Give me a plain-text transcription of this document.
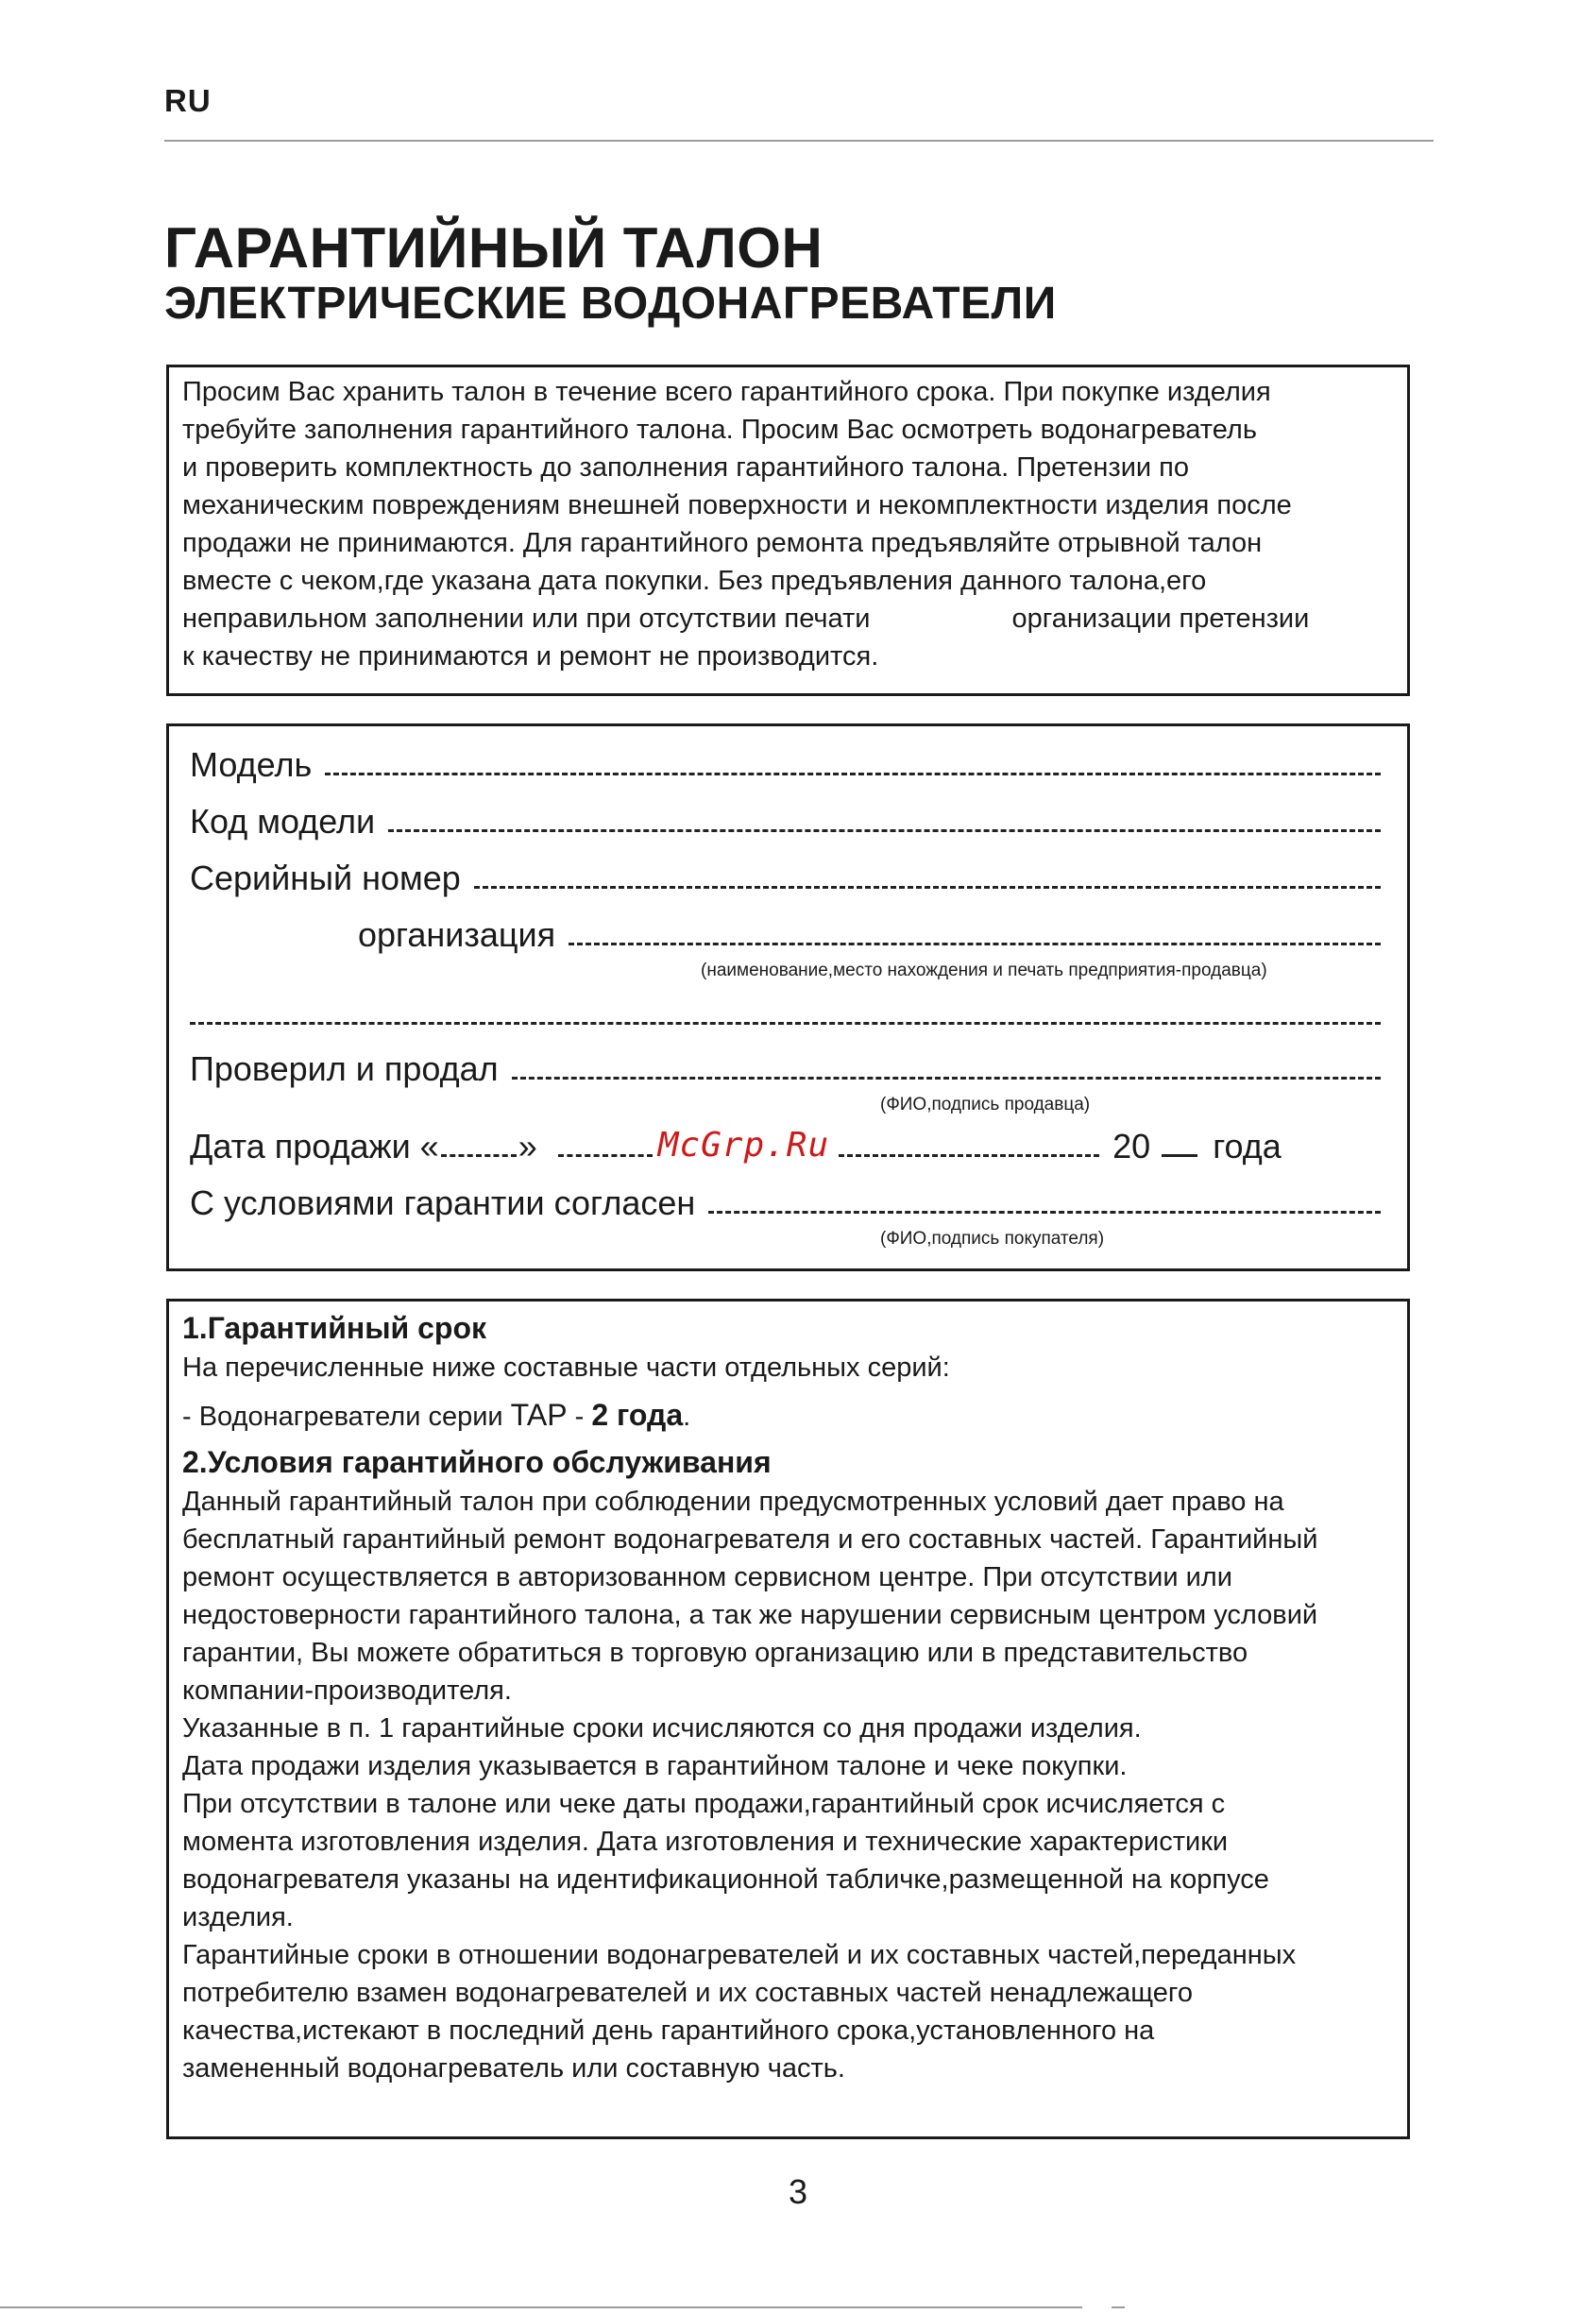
RU
ГАРАНТИЙНЫЙ ТАЛОН
ЭЛЕКТРИЧЕСКИЕ ВОДОНАГРЕВАТЕЛИ

Просим Вас хранить талон в течение всего гарантийного срока. При покупке изделия

требуйте заполнения гарантийного талона. Просим Вас осмотреть водонагреватель

и проверить комплектность до заполнения гарантийного талона. Претензии по

механическим повреждениям внешней поверхности и некомплектности изделия после

продажи не принимаются. Для гарантийного ремонта предъявляйте отрывной талон

вместе с чеком,где указана дата покупки. Без предъявления данного талона,его

неправильном заполнении или при отсутствии печати	организации претензии

к качеству не принимаются и ремонт не производится.

Модель
Код модели
Серийный номер
организация
(наименование,место нахождения и печать предприятия-продавца)
Проверил и продал
(ФИО,подпись продавца)
Дата продажи « »	McGrp.Ru	20 года
С условиями гарантии согласен
(ФИО,подпись покупателя)

1.Гарантийный срок

На перечисленные ниже составные части отдельных серий:

- Водонагреватели серии TAP - 2 года.

2.Условия гарантийного обслуживания

Данный гарантийный талон при соблюдении предусмотренных условий дает право на

бесплатный гарантийный ремонт водонагревателя и его составных частей. Гарантийный

ремонт осуществляется в авторизованном сервисном центре. При отсутствии или

недостоверности гарантийного талона, а так же нарушении сервисным центром условий

гарантии, Вы можете обратиться в торговую организацию или в представительство

компании-производителя.

Указанные в п. 1 гарантийные сроки исчисляются со дня продажи изделия.

Дата продажи изделия указывается в гарантийном талоне и чеке покупки.

При отсутствии в талоне или чеке даты продажи,гарантийный срок исчисляется с

момента изготовления изделия. Дата изготовления и технические характеристики

водонагревателя указаны на идентификационной табличке,размещенной на корпусе

изделия.

Гарантийные сроки в отношении водонагревателей и их составных частей,переданных

потребителю взамен водонагревателей и их составных частей ненадлежащего

качества,истекают в последний день гарантийного срока,установленного на

замененный водонагреватель или составную часть.

3
